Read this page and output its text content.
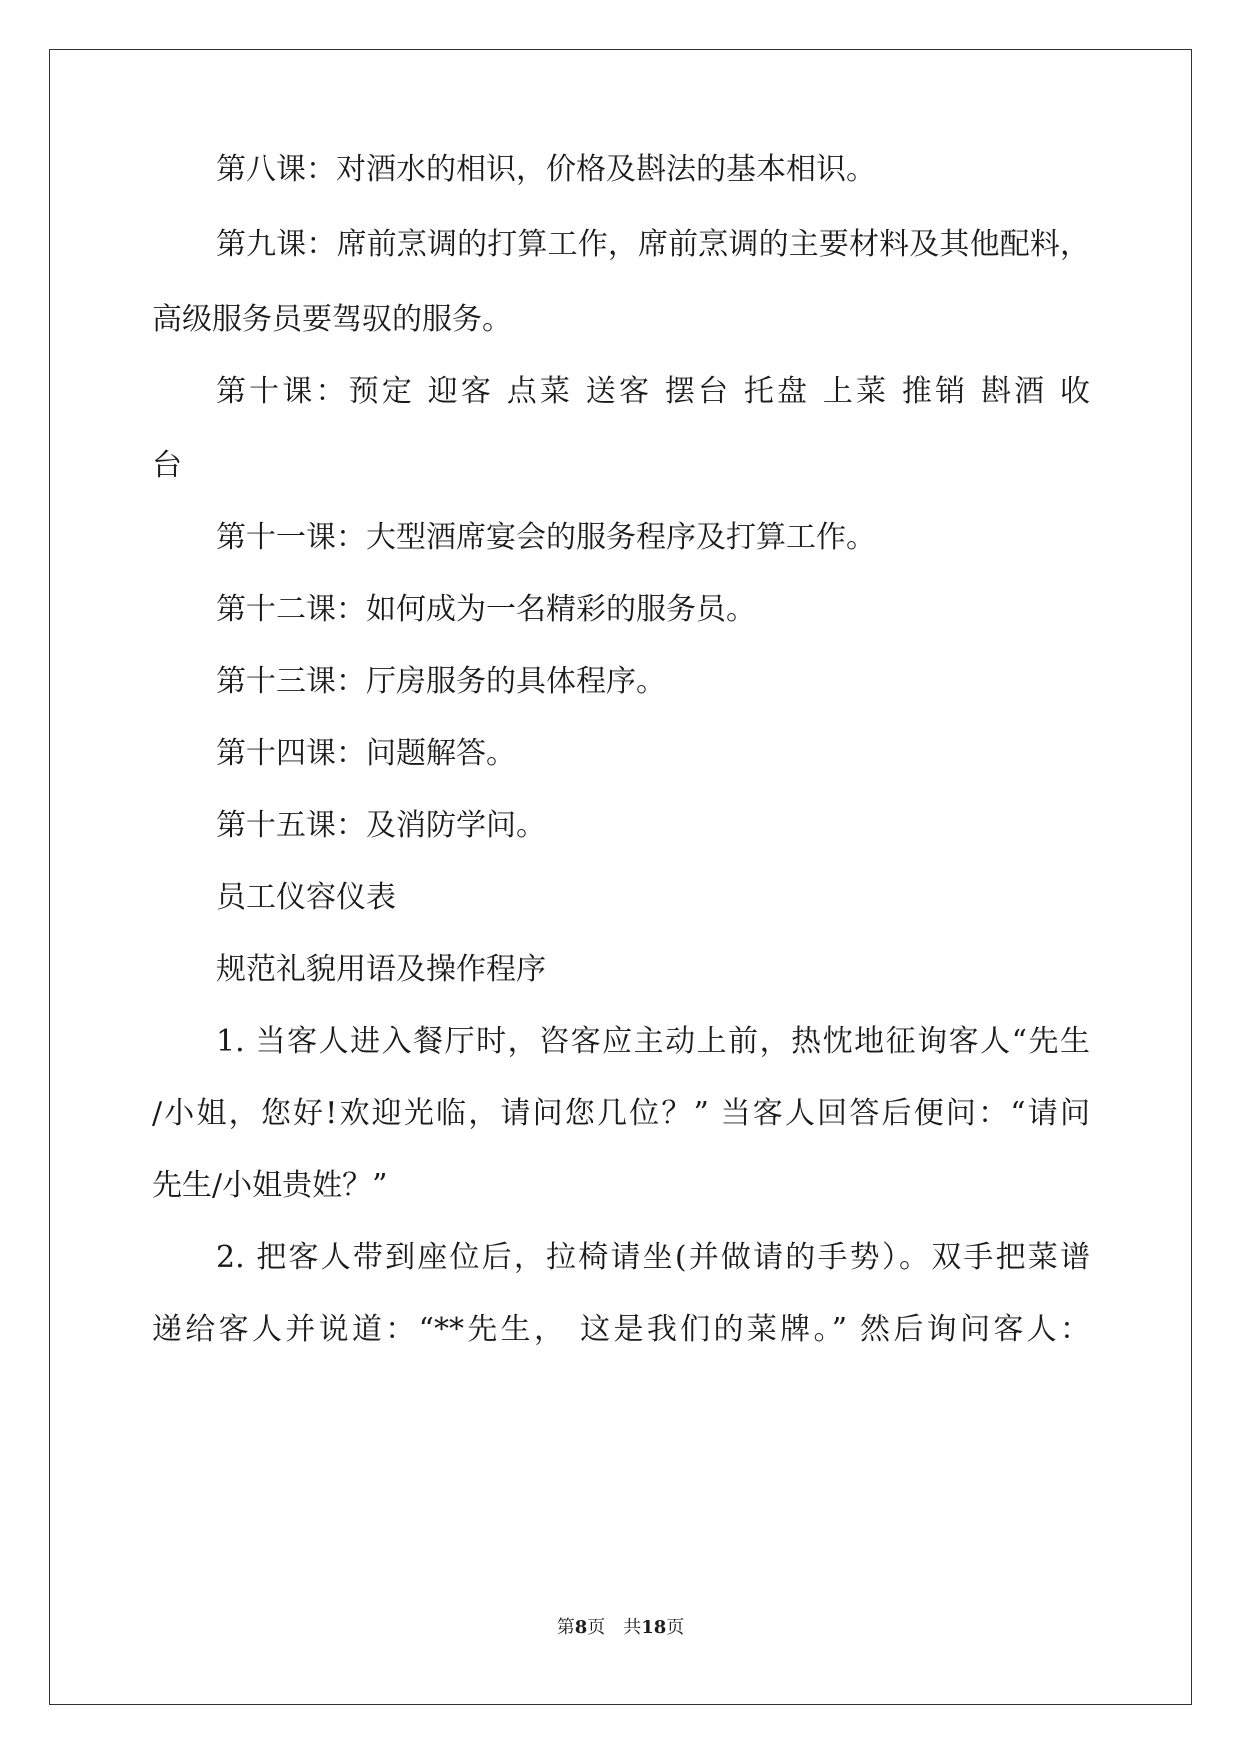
第八课：对酒水的相识，价格及斟法的基本相识。
第九课：席前烹调的打算工作，席前烹调的主要材料及其他配料，
高级服务员要驾驭的服务。
第十课：预定 迎客 点菜 送客 摆台 托盘 上菜 推销 斟酒 收
台
第十一课：大型酒席宴会的服务程序及打算工作。
第十二课：如何成为一名精彩的服务员。
第十三课：厅房服务的具体程序。
第十四课：问题解答。
第十五课：及消防学问。
员工仪容仪表
规范礼貌用语及操作程序
1. 当客人进入餐厅时，咨客应主动上前，热忱地征询客人“先生
/小姐，您好!欢迎光临，请问您几位？” 当客人回答后便问：“请问
先生/小姐贵姓？”
2. 把客人带到座位后，拉椅请坐(并做请的手势）。双手把菜谱
递给客人并说道：“**先生， 这是我们的菜牌。” 然后询问客人：
第8页 共18页
